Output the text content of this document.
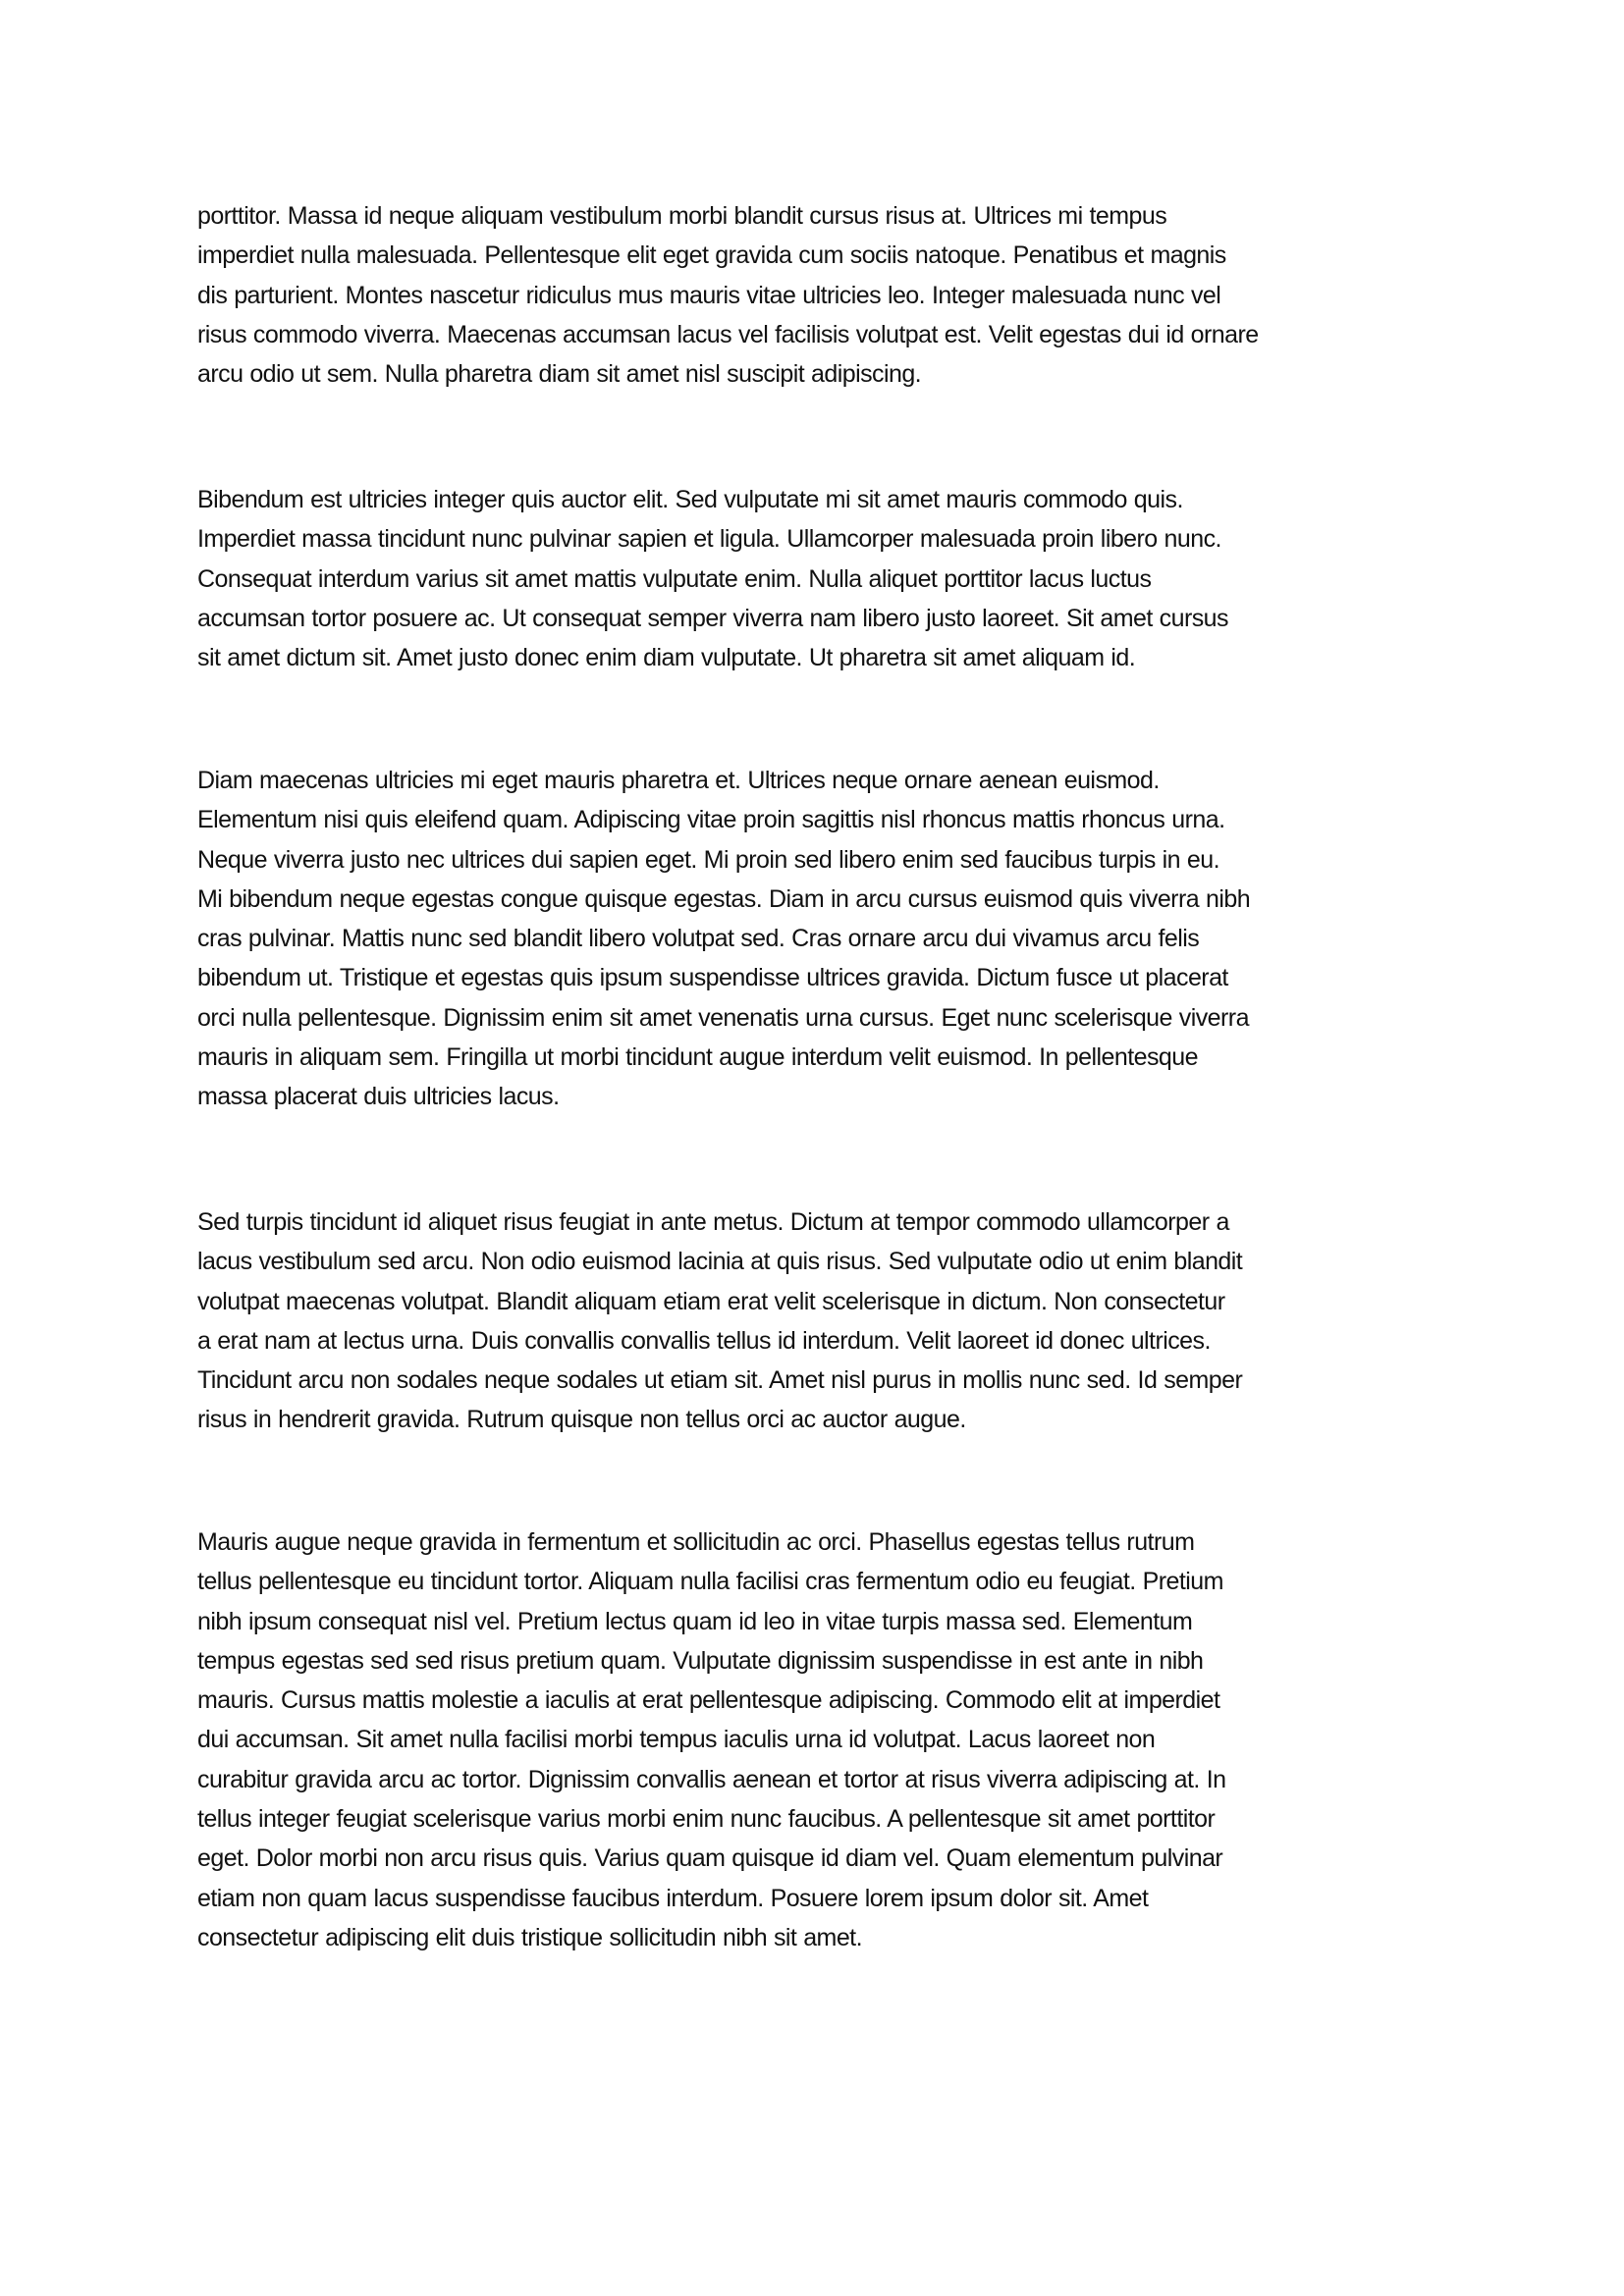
porttitor. Massa id neque aliquam vestibulum morbi blandit cursus risus at. Ultrices mi tempus
imperdiet nulla malesuada. Pellentesque elit eget gravida cum sociis natoque. Penatibus et magnis
dis parturient. Montes nascetur ridiculus mus mauris vitae ultricies leo. Integer malesuada nunc vel
risus commodo viverra. Maecenas accumsan lacus vel facilisis volutpat est. Velit egestas dui id ornare
arcu odio ut sem. Nulla pharetra diam sit amet nisl suscipit adipiscing.

Bibendum est ultricies integer quis auctor elit. Sed vulputate mi sit amet mauris commodo quis.
Imperdiet massa tincidunt nunc pulvinar sapien et ligula. Ullamcorper malesuada proin libero nunc.
Consequat interdum varius sit amet mattis vulputate enim. Nulla aliquet porttitor lacus luctus
accumsan tortor posuere ac. Ut consequat semper viverra nam libero justo laoreet. Sit amet cursus
sit amet dictum sit. Amet justo donec enim diam vulputate. Ut pharetra sit amet aliquam id.

Diam maecenas ultricies mi eget mauris pharetra et. Ultrices neque ornare aenean euismod.
Elementum nisi quis eleifend quam. Adipiscing vitae proin sagittis nisl rhoncus mattis rhoncus urna.
Neque viverra justo nec ultrices dui sapien eget. Mi proin sed libero enim sed faucibus turpis in eu.
Mi bibendum neque egestas congue quisque egestas. Diam in arcu cursus euismod quis viverra nibh
cras pulvinar. Mattis nunc sed blandit libero volutpat sed. Cras ornare arcu dui vivamus arcu felis
bibendum ut. Tristique et egestas quis ipsum suspendisse ultrices gravida. Dictum fusce ut placerat
orci nulla pellentesque. Dignissim enim sit amet venenatis urna cursus. Eget nunc scelerisque viverra
mauris in aliquam sem. Fringilla ut morbi tincidunt augue interdum velit euismod. In pellentesque
massa placerat duis ultricies lacus.

Sed turpis tincidunt id aliquet risus feugiat in ante metus. Dictum at tempor commodo ullamcorper a
lacus vestibulum sed arcu. Non odio euismod lacinia at quis risus. Sed vulputate odio ut enim blandit
volutpat maecenas volutpat. Blandit aliquam etiam erat velit scelerisque in dictum. Non consectetur
a erat nam at lectus urna. Duis convallis convallis tellus id interdum. Velit laoreet id donec ultrices.
Tincidunt arcu non sodales neque sodales ut etiam sit. Amet nisl purus in mollis nunc sed. Id semper
risus in hendrerit gravida. Rutrum quisque non tellus orci ac auctor augue.

Mauris augue neque gravida in fermentum et sollicitudin ac orci. Phasellus egestas tellus rutrum
tellus pellentesque eu tincidunt tortor. Aliquam nulla facilisi cras fermentum odio eu feugiat. Pretium
nibh ipsum consequat nisl vel. Pretium lectus quam id leo in vitae turpis massa sed. Elementum
tempus egestas sed sed risus pretium quam. Vulputate dignissim suspendisse in est ante in nibh
mauris. Cursus mattis molestie a iaculis at erat pellentesque adipiscing. Commodo elit at imperdiet
dui accumsan. Sit amet nulla facilisi morbi tempus iaculis urna id volutpat. Lacus laoreet non
curabitur gravida arcu ac tortor. Dignissim convallis aenean et tortor at risus viverra adipiscing at. In
tellus integer feugiat scelerisque varius morbi enim nunc faucibus. A pellentesque sit amet porttitor
eget. Dolor morbi non arcu risus quis. Varius quam quisque id diam vel. Quam elementum pulvinar
etiam non quam lacus suspendisse faucibus interdum. Posuere lorem ipsum dolor sit. Amet
consectetur adipiscing elit duis tristique sollicitudin nibh sit amet.
